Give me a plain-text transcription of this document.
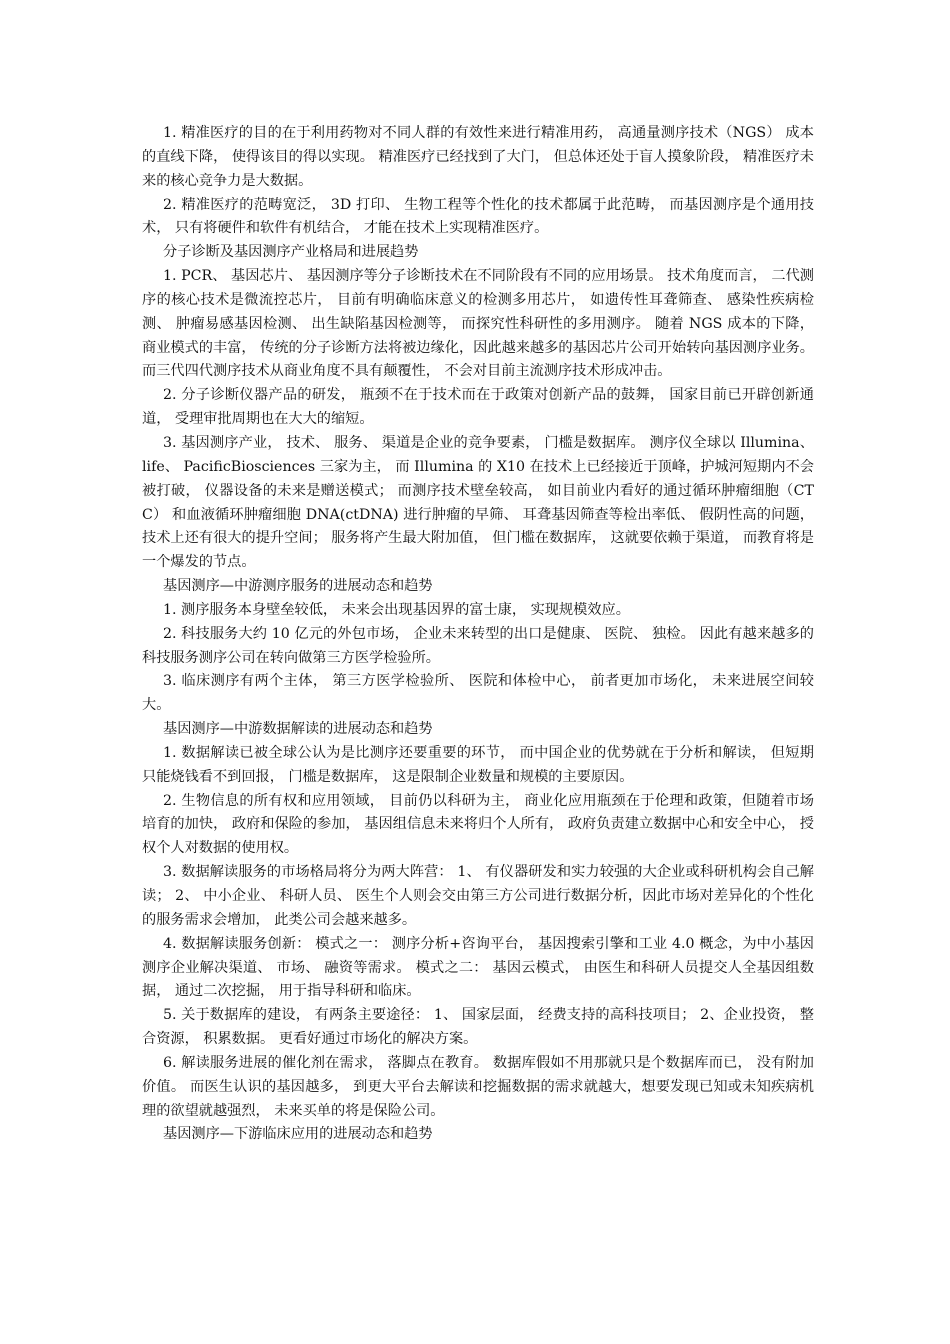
1. 精准医疗的目的在于利用药物对不同人群的有效性来进行精准用药， 高通量测序技术（NGS） 成本的直线下降， 使得该目的得以实现。 精准医疗已经找到了大门， 但总体还处于盲人摸象阶段， 精准医疗未来的核心竞争力是大数据。

2. 精准医疗的范畴宽泛， 3D 打印、 生物工程等个性化的技术都属于此范畴， 而基因测序是个通用技术， 只有将硬件和软件有机结合， 才能在技术上实现精准医疗。

分子诊断及基因测序产业格局和进展趋势

1. PCR、 基因芯片、 基因测序等分子诊断技术在不同阶段有不同的应用场景。 技术角度而言， 二代测序的核心技术是微流控芯片， 目前有明确临床意义的检测多用芯片， 如遗传性耳聋筛查、 感染性疾病检测、 肿瘤易感基因检测、 出生缺陷基因检测等， 而探究性科研性的多用测序。 随着 NGS 成本的下降， 商业模式的丰富， 传统的分子诊断方法将被边缘化，因此越来越多的基因芯片公司开始转向基因测序业务。而三代四代测序技术从商业角度不具有颠覆性， 不会对目前主流测序技术形成冲击。

2. 分子诊断仪器产品的研发， 瓶颈不在于技术而在于政策对创新产品的鼓舞， 国家目前已开辟创新通道， 受理审批周期也在大大的缩短。

3. 基因测序产业， 技术、 服务、 渠道是企业的竞争要素， 门槛是数据库。 测序仪全球以 Illumina、 life、 PacificBiosciences 三家为主， 而 Illumina 的 X10 在技术上已经接近于顶峰，护城河短期内不会被打破， 仪器设备的未来是赠送模式； 而测序技术壁垒较高， 如目前业内看好的通过循环肿瘤细胞（CTC） 和血液循环肿瘤细胞 DNA(ctDNA) 进行肿瘤的早筛、 耳聋基因筛查等检出率低、 假阴性高的问题， 技术上还有很大的提升空间； 服务将产生最大附加值， 但门槛在数据库， 这就要依赖于渠道， 而教育将是一个爆发的节点。

基因测序—中游测序服务的进展动态和趋势

1. 测序服务本身壁垒较低， 未来会出现基因界的富士康， 实现规模效应。

2. 科技服务大约 10 亿元的外包市场， 企业未来转型的出口是健康、 医院、 独检。 因此有越来越多的科技服务测序公司在转向做第三方医学检验所。

3. 临床测序有两个主体， 第三方医学检验所、 医院和体检中心， 前者更加市场化， 未来进展空间较大。

基因测序—中游数据解读的进展动态和趋势

1. 数据解读已被全球公认为是比测序还要重要的环节， 而中国企业的优势就在于分析和解读， 但短期只能烧钱看不到回报， 门槛是数据库， 这是限制企业数量和规模的主要原因。

2. 生物信息的所有权和应用领域， 目前仍以科研为主， 商业化应用瓶颈在于伦理和政策，但随着市场培育的加快， 政府和保险的参加， 基因组信息未来将归个人所有， 政府负责建立数据中心和安全中心， 授权个人对数据的使用权。

3. 数据解读服务的市场格局将分为两大阵营： 1、 有仪器研发和实力较强的大企业或科研机构会自己解读； 2、 中小企业、 科研人员、 医生个人则会交由第三方公司进行数据分析，因此市场对差异化的个性化的服务需求会增加， 此类公司会越来越多。

4. 数据解读服务创新： 模式之一： 测序分析+咨询平台， 基因搜索引擎和工业 4.0 概念，为中小基因测序企业解决渠道、 市场、 融资等需求。 模式之二： 基因云模式， 由医生和科研人员提交人全基因组数据， 通过二次挖掘， 用于指导科研和临床。

5. 关于数据库的建设， 有两条主要途径： 1、 国家层面， 经费支持的高科技项目； 2、企业投资， 整合资源， 积累数据。 更看好通过市场化的解决方案。

6. 解读服务进展的催化剂在需求， 落脚点在教育。 数据库假如不用那就只是个数据库而已， 没有附加价值。 而医生认识的基因越多， 到更大平台去解读和挖掘数据的需求就越大，想要发现已知或未知疾病机理的欲望就越强烈， 未来买单的将是保险公司。

基因测序—下游临床应用的进展动态和趋势
